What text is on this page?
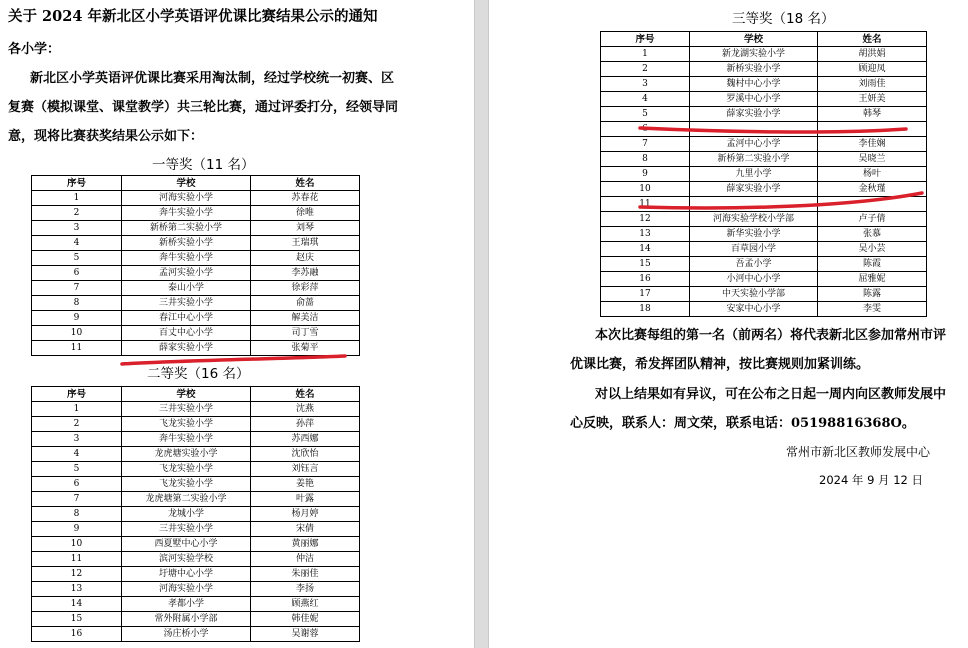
关于 2024 年新北区小学英语评优课比赛结果公示的通知
各小学：
新北区小学英语评优课比赛采用淘汰制，经过学校统一初赛、区
复赛（模拟课堂、课堂教学）共三轮比赛，通过评委打分，经领导同
意，现将比赛获奖结果公示如下：
一等奖（11 名）
序号	学校	姓名
1	河海实验小学	苏春花
2	奔牛实验小学	徐唯
3	新桥第二实验小学	刘琴
4	新桥实验小学	王瑞琪
5	奔牛实验小学	赵庆
6	孟河实验小学	李苏融
7	泰山小学	徐彩萍
8	三井实验小学	俞蔷
9	春江中心小学	解美洁
10	百丈中心小学	司丁雪
11	薛家实验小学	张菊平
二等奖（16 名）
序号	学校	姓名
1	三井实验小学	沈燕
2	飞龙实验小学	孙萍
3	奔牛实验小学	苏西娜
4	龙虎塘实验小学	沈欣怡
5	飞龙实验小学	刘钰言
6	飞龙实验小学	姜艳
7	龙虎塘第二实验小学	叶露
8	龙城小学	杨月婷
9	三井实验小学	宋倩
10	西夏墅中心小学	黄丽娜
11	滨河实验学校	仲洁
12	圩塘中心小学	朱丽佳
13	河海实验小学	李扬
14	孝都小学	顾燕红
15	常外附属小学部	韩佳妮
16	汤庄桥小学	吴谢蓉
三等奖（18 名）
序号	学校	姓名
1	新龙湖实验小学	胡洪娟
2	新桥实验小学	顾迎凤
3	魏村中心小学	刘雨佳
4	罗溪中心小学	王妍美
5	薛家实验小学	韩琴
6		
7	孟河中心小学	李佳娴
8	新桥第二实验小学	吴晓兰
9	九里小学	杨叶
10	薛家实验小学	金秋瑾
11		
12	河海实验学校小学部	卢子倩
13	新华实验小学	张慕
14	百草园小学	吴小芸
15	吾孟小学	陈霞
16	小河中心小学	屈雅妮
17	中天实验小学部	陈露
18	安家中心小学	李雯
本次比赛每组的第一名（前两名）将代表新北区参加常州市评
优课比赛，希发挥团队精神，按比赛规则加紧训练。
对以上结果如有异议，可在公布之日起一周内向区教师发展中
心反映，联系人：周文荣，联系电话：05198816368O。
常州市新北区教师发展中心
2024 年 9 月 12 日
